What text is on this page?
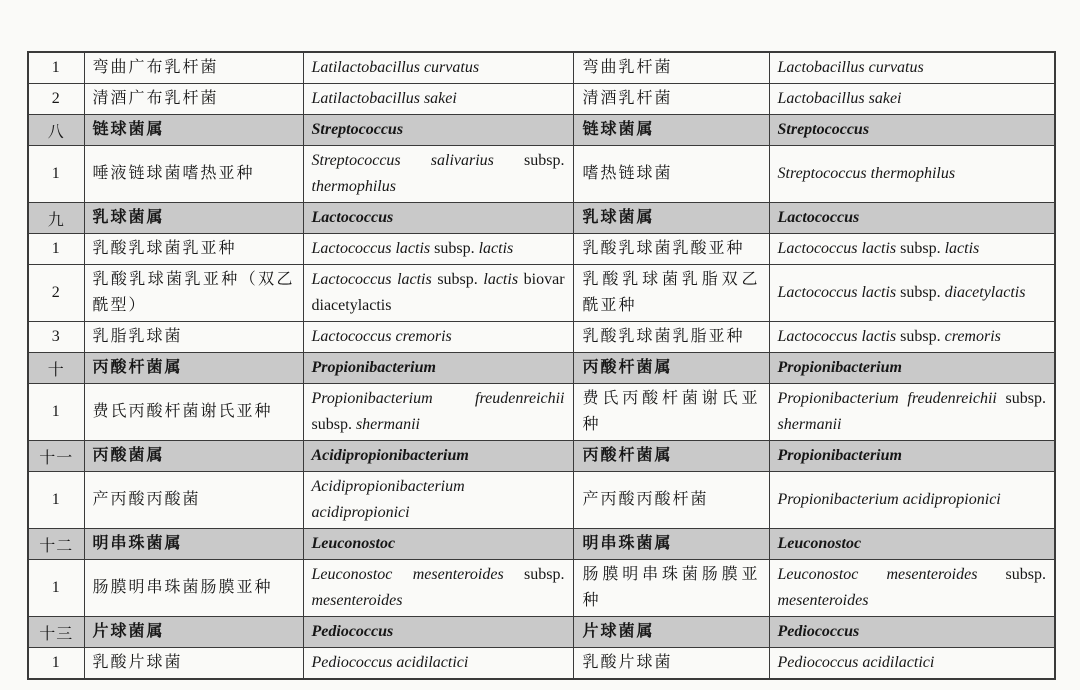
1	弯曲广布乳杆菌	Latilactobacillus curvatus	弯曲乳杆菌	Lactobacillus curvatus
2	清酒广布乳杆菌	Latilactobacillus sakei	清酒乳杆菌	Lactobacillus sakei
八	链球菌属	Streptococcus	链球菌属	Streptococcus
1	唾液链球菌嗜热亚种	Streptococcus salivarius subsp. thermophilus	嗜热链球菌	Streptococcus thermophilus
九	乳球菌属	Lactococcus	乳球菌属	Lactococcus
1	乳酸乳球菌乳亚种	Lactococcus lactis subsp. lactis	乳酸乳球菌乳酸亚种	Lactococcus lactis subsp. lactis
2	乳酸乳球菌乳亚种（双乙酰型）	Lactococcus lactis subsp. lactis biovar diacetylactis	乳酸乳球菌乳脂双乙酰亚种	Lactococcus lactis subsp. diacetylactis
3	乳脂乳球菌	Lactococcus cremoris	乳酸乳球菌乳脂亚种	Lactococcus lactis subsp. cremoris
十	丙酸杆菌属	Propionibacterium	丙酸杆菌属	Propionibacterium
1	费氏丙酸杆菌谢氏亚种	Propionibacterium freudenreichii subsp. shermanii	费氏丙酸杆菌谢氏亚种	Propionibacterium freudenreichii subsp. shermanii
十一	丙酸菌属	Acidipropionibacterium	丙酸杆菌属	Propionibacterium
1	产丙酸丙酸菌	Acidipropionibacterium acidipropionici	产丙酸丙酸杆菌	Propionibacterium acidipropionici
十二	明串珠菌属	Leuconostoc	明串珠菌属	Leuconostoc
1	肠膜明串珠菌肠膜亚种	Leuconostoc mesenteroides subsp. mesenteroides	肠膜明串珠菌肠膜亚种	Leuconostoc mesenteroides subsp. mesenteroides
十三	片球菌属	Pediococcus	片球菌属	Pediococcus
1	乳酸片球菌	Pediococcus acidilactici	乳酸片球菌	Pediococcus acidilactici
